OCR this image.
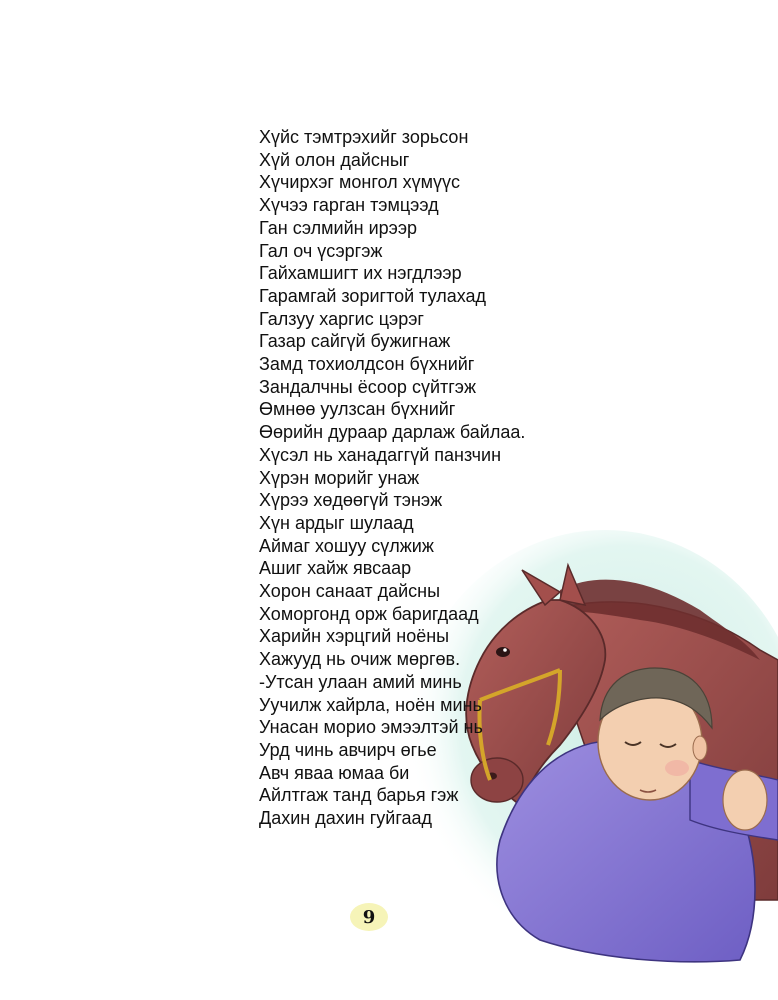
Хүйс тэмтрэхийг зорьсон
Хүй олон дайсныг
Хүчирхэг монгол хүмүүс
Хүчээ гарган тэмцээд
Ган сэлмийн ирээр
Гал оч үсэргэж
Гайхамшигт их нэгдлээр
Гарамгай зоригтой тулахад
Галзуу харгис цэрэг
Газар сайгүй бужигнаж
Замд тохиолдсон бүхнийг
Зандалчны ёсоор сүйтгэж
Өмнөө уулзсан бүхнийг
Өөрийн дураар дарлаж байлаа.
Хүсэл нь ханадаггүй панзчин
Хүрэн морийг унаж
Хүрээ хөдөөгүй тэнэж
Хүн ардыг шулаад
Аймаг хошуу сүлжиж
Ашиг хайж явсаар
Хорон санаат дайсны
Хоморгонд орж баригдаад
Харийн хэрцгий ноёны
Хажууд нь очиж мөргөв.
-Утсан улаан амий минь
Уучилж хайрла, ноён минь
Унасан морио эмээлтэй нь
Урд чинь авчирч өгье
Авч яваа юмаа би
Айлтгаж танд барья гэж
Дахин дахин гуйгаад
9
